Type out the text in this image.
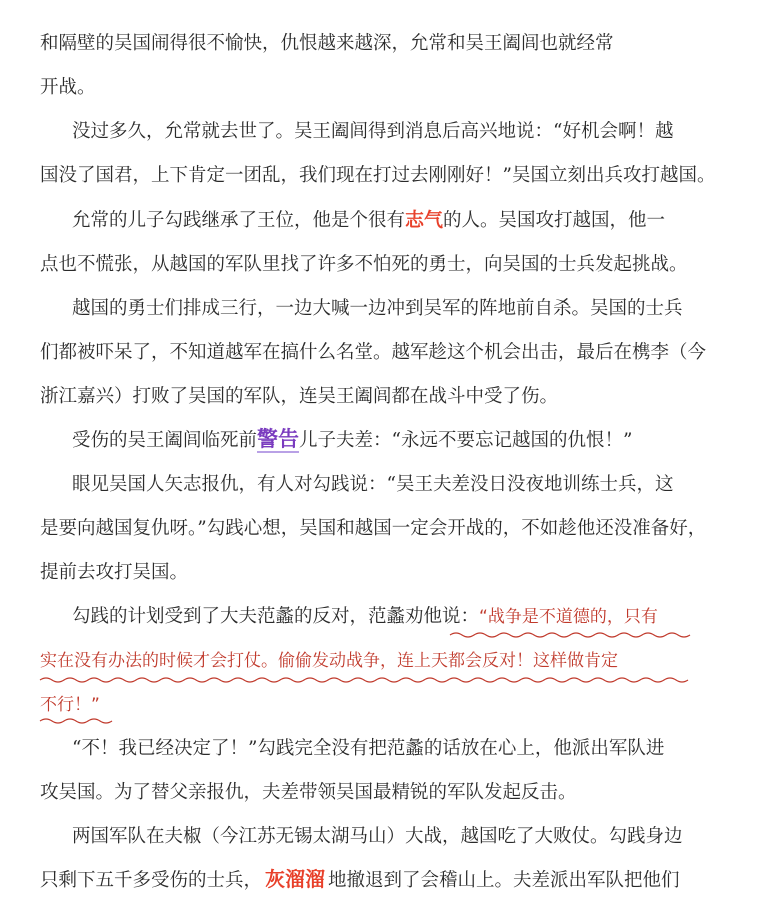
和隔壁的吴国闹得很不愉快，仇恨越来越深，允常和吴王阖闾也就经常
开战。
没过多久，允常就去世了。吴王阖闾得到消息后高兴地说：“好机会啊！越
国没了国君，上下肯定一团乱，我们现在打过去刚刚好！”吴国立刻出兵攻打越国。
允常的儿子勾践继承了王位，他是个很有志气的人。吴国攻打越国，他一
点也不慌张，从越国的军队里找了许多不怕死的勇士，向吴国的士兵发起挑战。
越国的勇士们排成三行，一边大喊一边冲到吴军的阵地前自杀。吴国的士兵
们都被吓呆了，不知道越军在搞什么名堂。越军趁这个机会出击，最后在槜李（今
浙江嘉兴）打败了吴国的军队，连吴王阖闾都在战斗中受了伤。
受伤的吴王阖闾临死前警告儿子夫差：“永远不要忘记越国的仇恨！”
眼见吴国人矢志报仇，有人对勾践说：“吴王夫差没日没夜地训练士兵，这
是要向越国复仇呀。”勾践心想，吴国和越国一定会开战的，不如趁他还没准备好，
提前去攻打吴国。
勾践的计划受到了大夫范蠡的反对，范蠡劝他说：“战争是不道德的，只有
实在没有办法的时候才会打仗。偷偷发动战争，连上天都会反对！这样做肯定
不行！”
“不！我已经决定了！”勾践完全没有把范蠡的话放在心上，他派出军队进
攻吴国。为了替父亲报仇，夫差带领吴国最精锐的军队发起反击。
两国军队在夫椒（今江苏无锡太湖马山）大战，越国吃了大败仗。勾践身边
只剩下五千多受伤的士兵， 灰溜溜 地撤退到了会稽山上。夫差派出军队把他们
